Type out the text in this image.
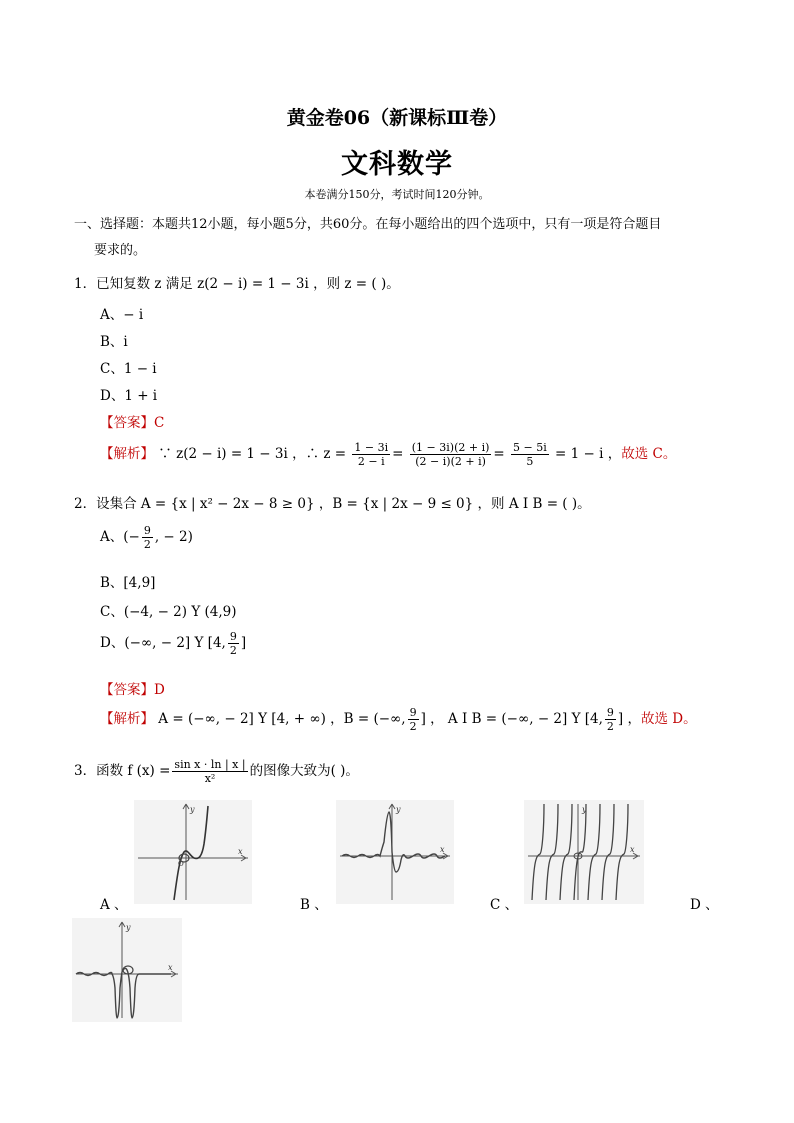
黄金卷06（新课标Ⅲ卷）
文科数学
本卷满分150分，考试时间120分钟。
一、选择题：本题共12小题，每小题5分，共60分。在每小题给出的四个选项中，只有一项是符合题目
要求的。
1．已知复数 z 满足 z(2 − i) = 1 − 3i ，则 z = ( )。
A、− i
B、i
C、1 − i
D、1 + i
【答案】C
【解析】 ∵ z(2 − i) = 1 − 3i ，∴ $z = \frac{1 - 3i}{2 - i} = \frac{(1 - 3i)(2 + i)}{(2 - i)(2 + i)} = \frac{5 - 5i}{5} = 1 - i$ ，故选 C。
2．设集合 A = {x | x² − 2x − 8 ≥ 0} ，B = {x | 2x − 9 ≤ 0} ，则 A I B = ( )。
A、(− $\frac{9}{2}$ , − 2)
B、[4,9]
C、(−4, − 2) Y (4,9)
D、(−∞, − 2] Y [4, $\frac{9}{2}$ ]
【答案】D
【解析】 A = (−∞, − 2] Y [4, + ∞) ，B = (−∞, $\frac{9}{2}$ ] ， A I B = (−∞, − 2] Y [4, $\frac{9}{2}$ ] ，故选 D。
3．函数 f $(x) = \frac{\text{sin x · ln | x |}}{\text{x²}}$ 的图像大致为( )。
x
y
O
A 、
x
y
B 、
x
y
C 、	D 、
x
y
